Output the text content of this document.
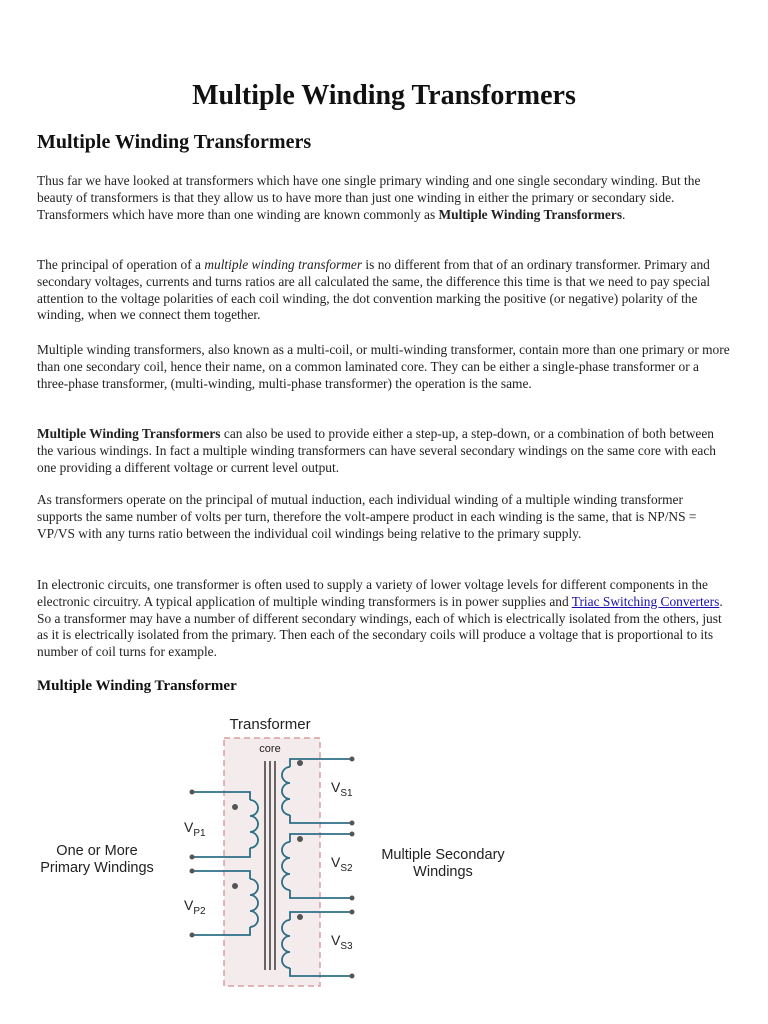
Multiple Winding Transformers
Multiple Winding Transformers

Thus far we have looked at transformers which have one single primary winding and one single secondary winding. But the beauty of transformers is that they allow us to have more than just one winding in either the primary or secondary side. Transformers which have more than one winding are known commonly as Multiple Winding Transformers.

The principal of operation of a multiple winding transformer is no different from that of an ordinary transformer. Primary and secondary voltages, currents and turns ratios are all calculated the same, the difference this time is that we need to pay special attention to the voltage polarities of each coil winding, the dot convention marking the positive (or negative) polarity of the winding, when we connect them together.

Multiple winding transformers, also known as a multi-coil, or multi-winding transformer, contain more than one primary or more than one secondary coil, hence their name, on a common laminated core. They can be either a single-phase transformer or a three-phase transformer, (multi-winding, multi-phase transformer) the operation is the same.

Multiple Winding Transformers can also be used to provide either a step-up, a step-down, or a combination of both between the various windings. In fact a multiple winding transformers can have several secondary windings on the same core with each one providing a different voltage or current level output.

As transformers operate on the principal of mutual induction, each individual winding of a multiple winding transformer supports the same number of volts per turn, therefore the volt-ampere product in each winding is the same, that is NP/NS = VP/VS with any turns ratio between the individual coil windings being relative to the primary supply.

In electronic circuits, one transformer is often used to supply a variety of lower voltage levels for different components in the electronic circuitry. A typical application of multiple winding transformers is in power supplies and Triac Switching Converters. So a transformer may have a number of different secondary windings, each of which is electrically isolated from the others, just as it is electrically isolated from the primary. Then each of the secondary coils will produce a voltage that is proportional to its number of coil turns for example.

Multiple Winding Transformer
Transformer
core
$V_{P1}$
$V_{P2}$
$V_{S1}$
$V_{S2}$
$V_{S3}$
One or More
Primary Windings
Multiple Secondary
Windings
